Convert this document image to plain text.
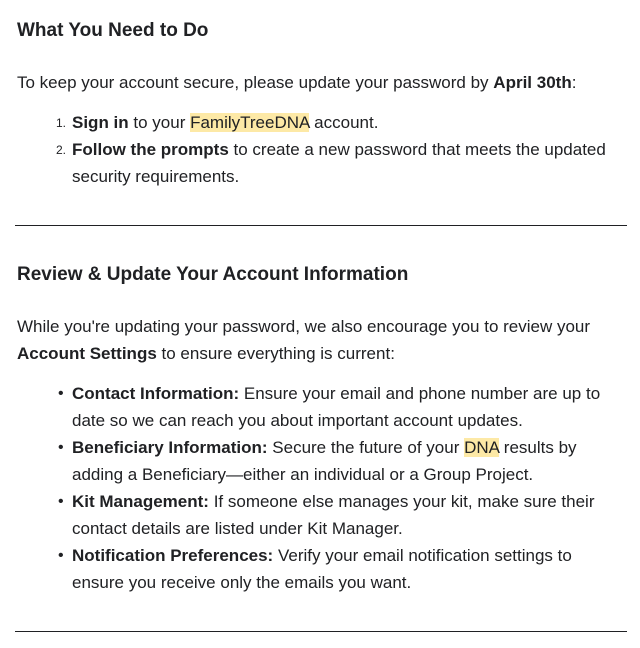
What You Need to Do

To keep your account secure, please update your password by April 30th:

1. Sign in to your FamilyTreeDNA account.
2. Follow the prompts to create a new password that meets the updated security requirements.
Review & Update Your Account Information

While you're updating your password, we also encourage you to review your Account Settings to ensure everything is current:

• Contact Information: Ensure your email and phone number are up to date so we can reach you about important account updates.
• Beneficiary Information: Secure the future of your DNA results by adding a Beneficiary—either an individual or a Group Project.
• Kit Management: If someone else manages your kit, make sure their contact details are listed under Kit Manager.
• Notification Preferences: Verify your email notification settings to ensure you receive only the emails you want.
